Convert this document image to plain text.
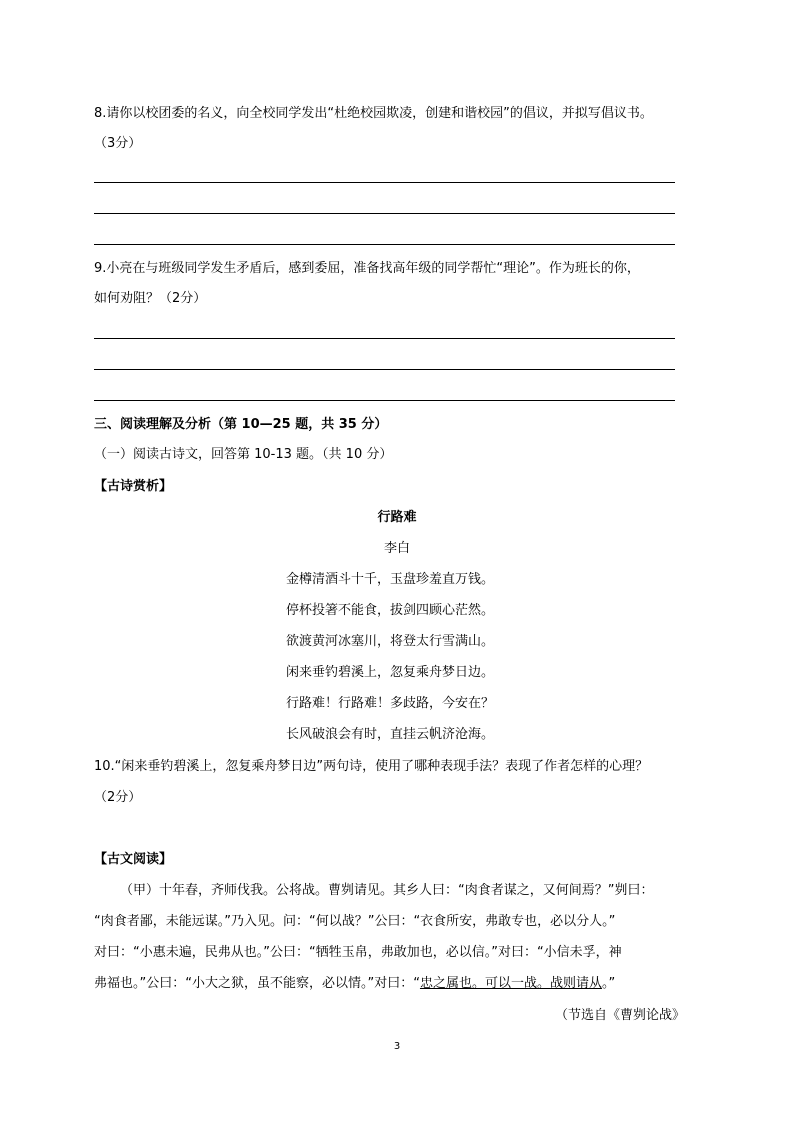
8.请你以校团委的名义，向全校同学发出“杜绝校园欺凌，创建和谐校园”的倡议，并拟写倡议书。
（3分）
9.小亮在与班级同学发生矛盾后，感到委屈，准备找高年级的同学帮忙“理论”。作为班长的你，
如何劝阻？（2分）
三、阅读理解及分析（第 10—25 题，共 35 分）
（一）阅读古诗文，回答第 10-13 题。（共 10 分）
【古诗赏析】
行路难
李白
金樽清酒斗十千，玉盘珍羞直万钱。
停杯投箸不能食，拔剑四顾心茫然。
欲渡黄河冰塞川，将登太行雪满山。
闲来垂钓碧溪上，忽复乘舟梦日边。
行路难！行路难！多歧路，今安在？
长风破浪会有时，直挂云帆济沧海。
10.“闲来垂钓碧溪上，忽复乘舟梦日边”两句诗，使用了哪种表现手法？表现了作者怎样的心理？
（2分）
【古文阅读】
（甲）十年春，齐师伐我。公将战。曹刿请见。其乡人曰：“肉食者谋之，又何间焉？”刿曰：
“肉食者鄙，未能远谋。”乃入见。问：“何以战？”公曰：“衣食所安，弗敢专也，必以分人。”
对曰：“小惠未遍，民弗从也。”公曰：“牺牲玉帛，弗敢加也，必以信。”对曰：“小信未孚，神
弗福也。”公曰：“小大之狱，虽不能察，必以情。”对曰：“忠之属也。可以一战。战则请从。”
（节选自《曹刿论战》
3
